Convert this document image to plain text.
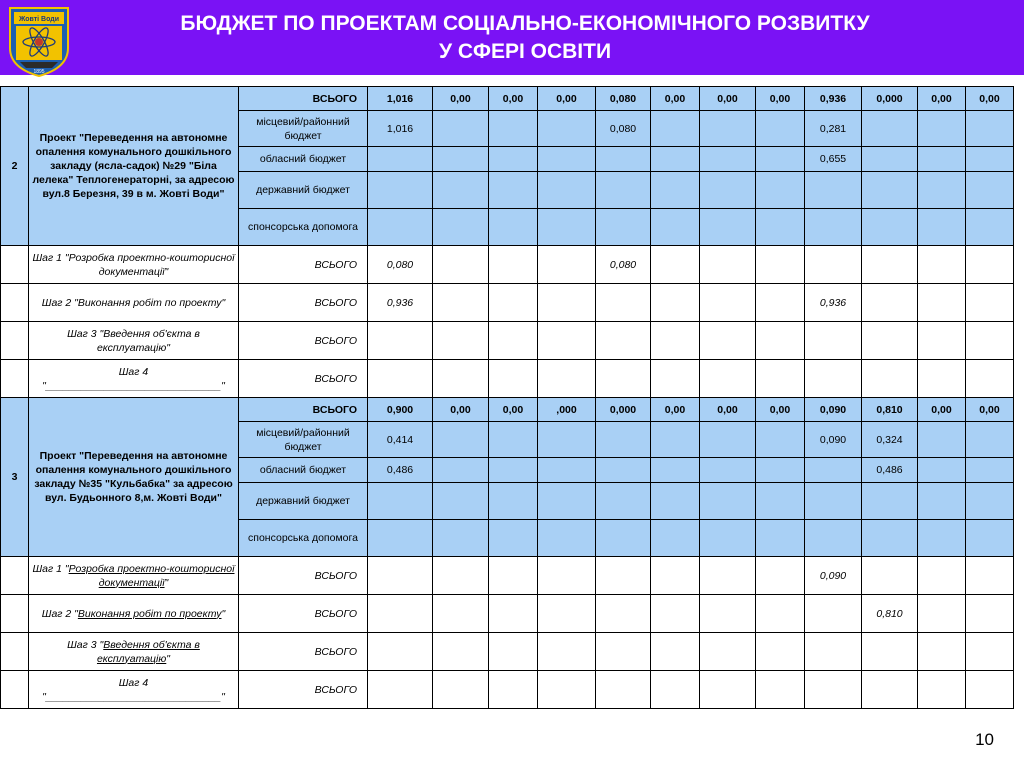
Жовті Води
1895
БЮДЖЕТ ПО ПРОЕКТАМ СОЦІАЛЬНО-ЕКОНОМІЧНОГО РОЗВИТКУ
У СФЕРІ ОСВІТИ
2	Проект "Переведення на автономне опалення комунального дошкільного закладу (ясла-садок) №29 "Біла лелека" Теплогенераторні, за адресою вул.8 Березня, 39 в м. Жовті Води"	ВСЬОГО	1,016	0,00	0,00	0,00	0,080	0,00	0,00	0,00	0,936	0,000	0,00	0,00
		місцевий/районний бюджет	1,016				0,080				0,281			
		обласний бюджет									0,655			
		державний бюджет												
		спонсорська допомога												
	Шаг 1 "Розробка проектно-кошторисної документації"	ВСЬОГО	0,080				0,080							
	Шаг 2 "Виконання робіт по проекту"	ВСЬОГО	0,936								0,936			
	Шаг 3 "Введення об'єкта в експлуатацію"	ВСЬОГО												
	Шаг 4
"______________________________"	ВСЬОГО												
3	Проект "Переведення на автономне опалення комунального дошкільного закладу №35 "Кульбабка" за адресою вул. Будьонного 8,м. Жовті Води"	ВСЬОГО	0,900	0,00	0,00	,000	0,000	0,00	0,00	0,00	0,090	0,810	0,00	0,00
		місцевий/районний бюджет	0,414								0,090	0,324		
		обласний бюджет	0,486									0,486		
		державний бюджет												
		спонсорська допомога												
	Шаг 1 "Розробка проектно-кошторисної документації"	ВСЬОГО									0,090			
	Шаг 2 "Виконання робіт по проекту"	ВСЬОГО										0,810		
	Шаг 3 "Введення об'єкта в експлуатацію"	ВСЬОГО												
	Шаг 4
"______________________________"	ВСЬОГО												
10
